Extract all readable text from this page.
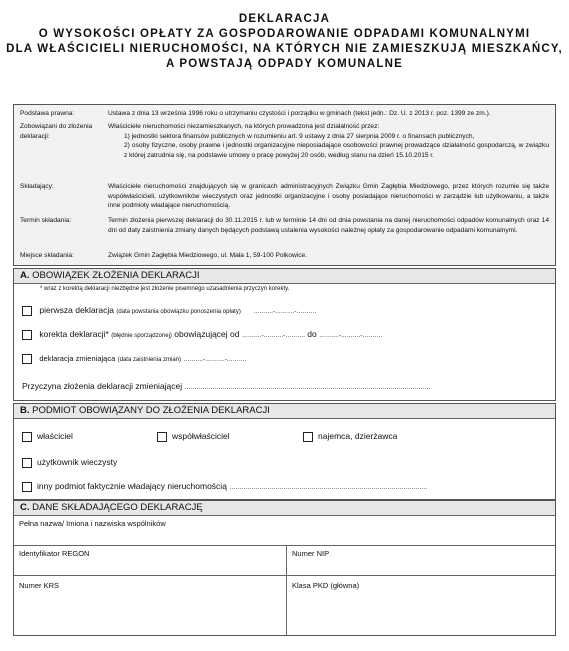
DEKLARACJA
O WYSOKOŚCI OPŁATY ZA GOSPODAROWANIE ODPADAMI KOMUNALNYMI
DLA WŁAŚCICIELI NIERUCHOMOŚCI, NA KTÓRYCH NIE ZAMIESZKUJĄ MIESZKAŃCY,
A POWSTAJĄ ODPADY KOMUNALNE
Podstawa prawna:	Ustawa z dnia 13 września 1996 roku o utrzymaniu czystości i porządku w gminach (tekst jedn.: Dz. U. z 2013 r. poz. 1399 ze zm.).
Zobowiązani do złożenia deklaracji:
Właściciele nieruchomości niezamieszkanych, na których prowadzona jest działalność przez:
1) jednostki sektora finansów publicznych w rozumieniu art. 9 ustawy z dnia 27 sierpnia 2009 r. o finansach publicznych,
2) osoby fizyczne, osoby prawne i jednostki organizacyjne nieposiadające osobowości prawnej prowadzące działalność gospodarczą, w związku z której zatrudnia się, na podstawie umowy o pracę powyżej 20 osób, według stanu na dzień 15.10.2015 r.
Składający:	Właściciele nieruchomości znajdujących się w granicach administracyjnych Związku Gmin Zagłębia Miedziowego, przez których rozumie się także współwłaścicieli, użytkowników wieczystych oraz jednostki organizacyjne i osoby posiadające nieruchomości w zarządzie lub użytkowaniu, a także inne podmioty władające nieruchomością.
Termin składania:	Termin złożenia pierwszej deklaracji do 30.11.2015 r. lub w terminie 14 dni od dnia powstania na danej nieruchomości odpadów komunalnych oraz 14 dni od daty zaistnienia zmiany danych będących podstawą ustalenia wysokości należnej opłaty za gospodarowanie odpadami komunalnymi.
Miejsce składania:	Związek Gmin Zagłębia Miedziowego, ul. Mała 1, 59-100 Polkowice.
A. OBOWIĄZEK ZŁOŻENIA DEKLARACJI
* wraz z korektą deklaracji niezbędne jest złożenie pisemnego uzasadnienia przyczyn korekty.
pierwsza deklaracja (data powstania obowiązku ponoszenia opłaty) ……….-……….-……….
korekta deklaracji* (błędnie sporządzonej) obowiązującej od ……….-……….-………. do ……….-……….-……….
deklaracja zmieniająca (data zaistnienia zmian) ……….-……….-……….
Przyczyna złożenia deklaracji zmieniającej ……………………………………………………………………………………………………………
B. PODMIOT OBOWIĄZANY DO ZŁOŻENIA DEKLARACJI
właściciel	współwłaściciel	najemca, dzierżawca
użytkownik wieczysty
inny podmiot faktycznie władający nieruchomością ………………………………………………………………………………………
C. DANE SKŁADAJĄCEGO DEKLARACJĘ
Pełna nazwa/ Imiona i nazwiska wspólników
Identyfikator REGON	Numer NIP
Numer KRS	Klasa PKD (główna)
